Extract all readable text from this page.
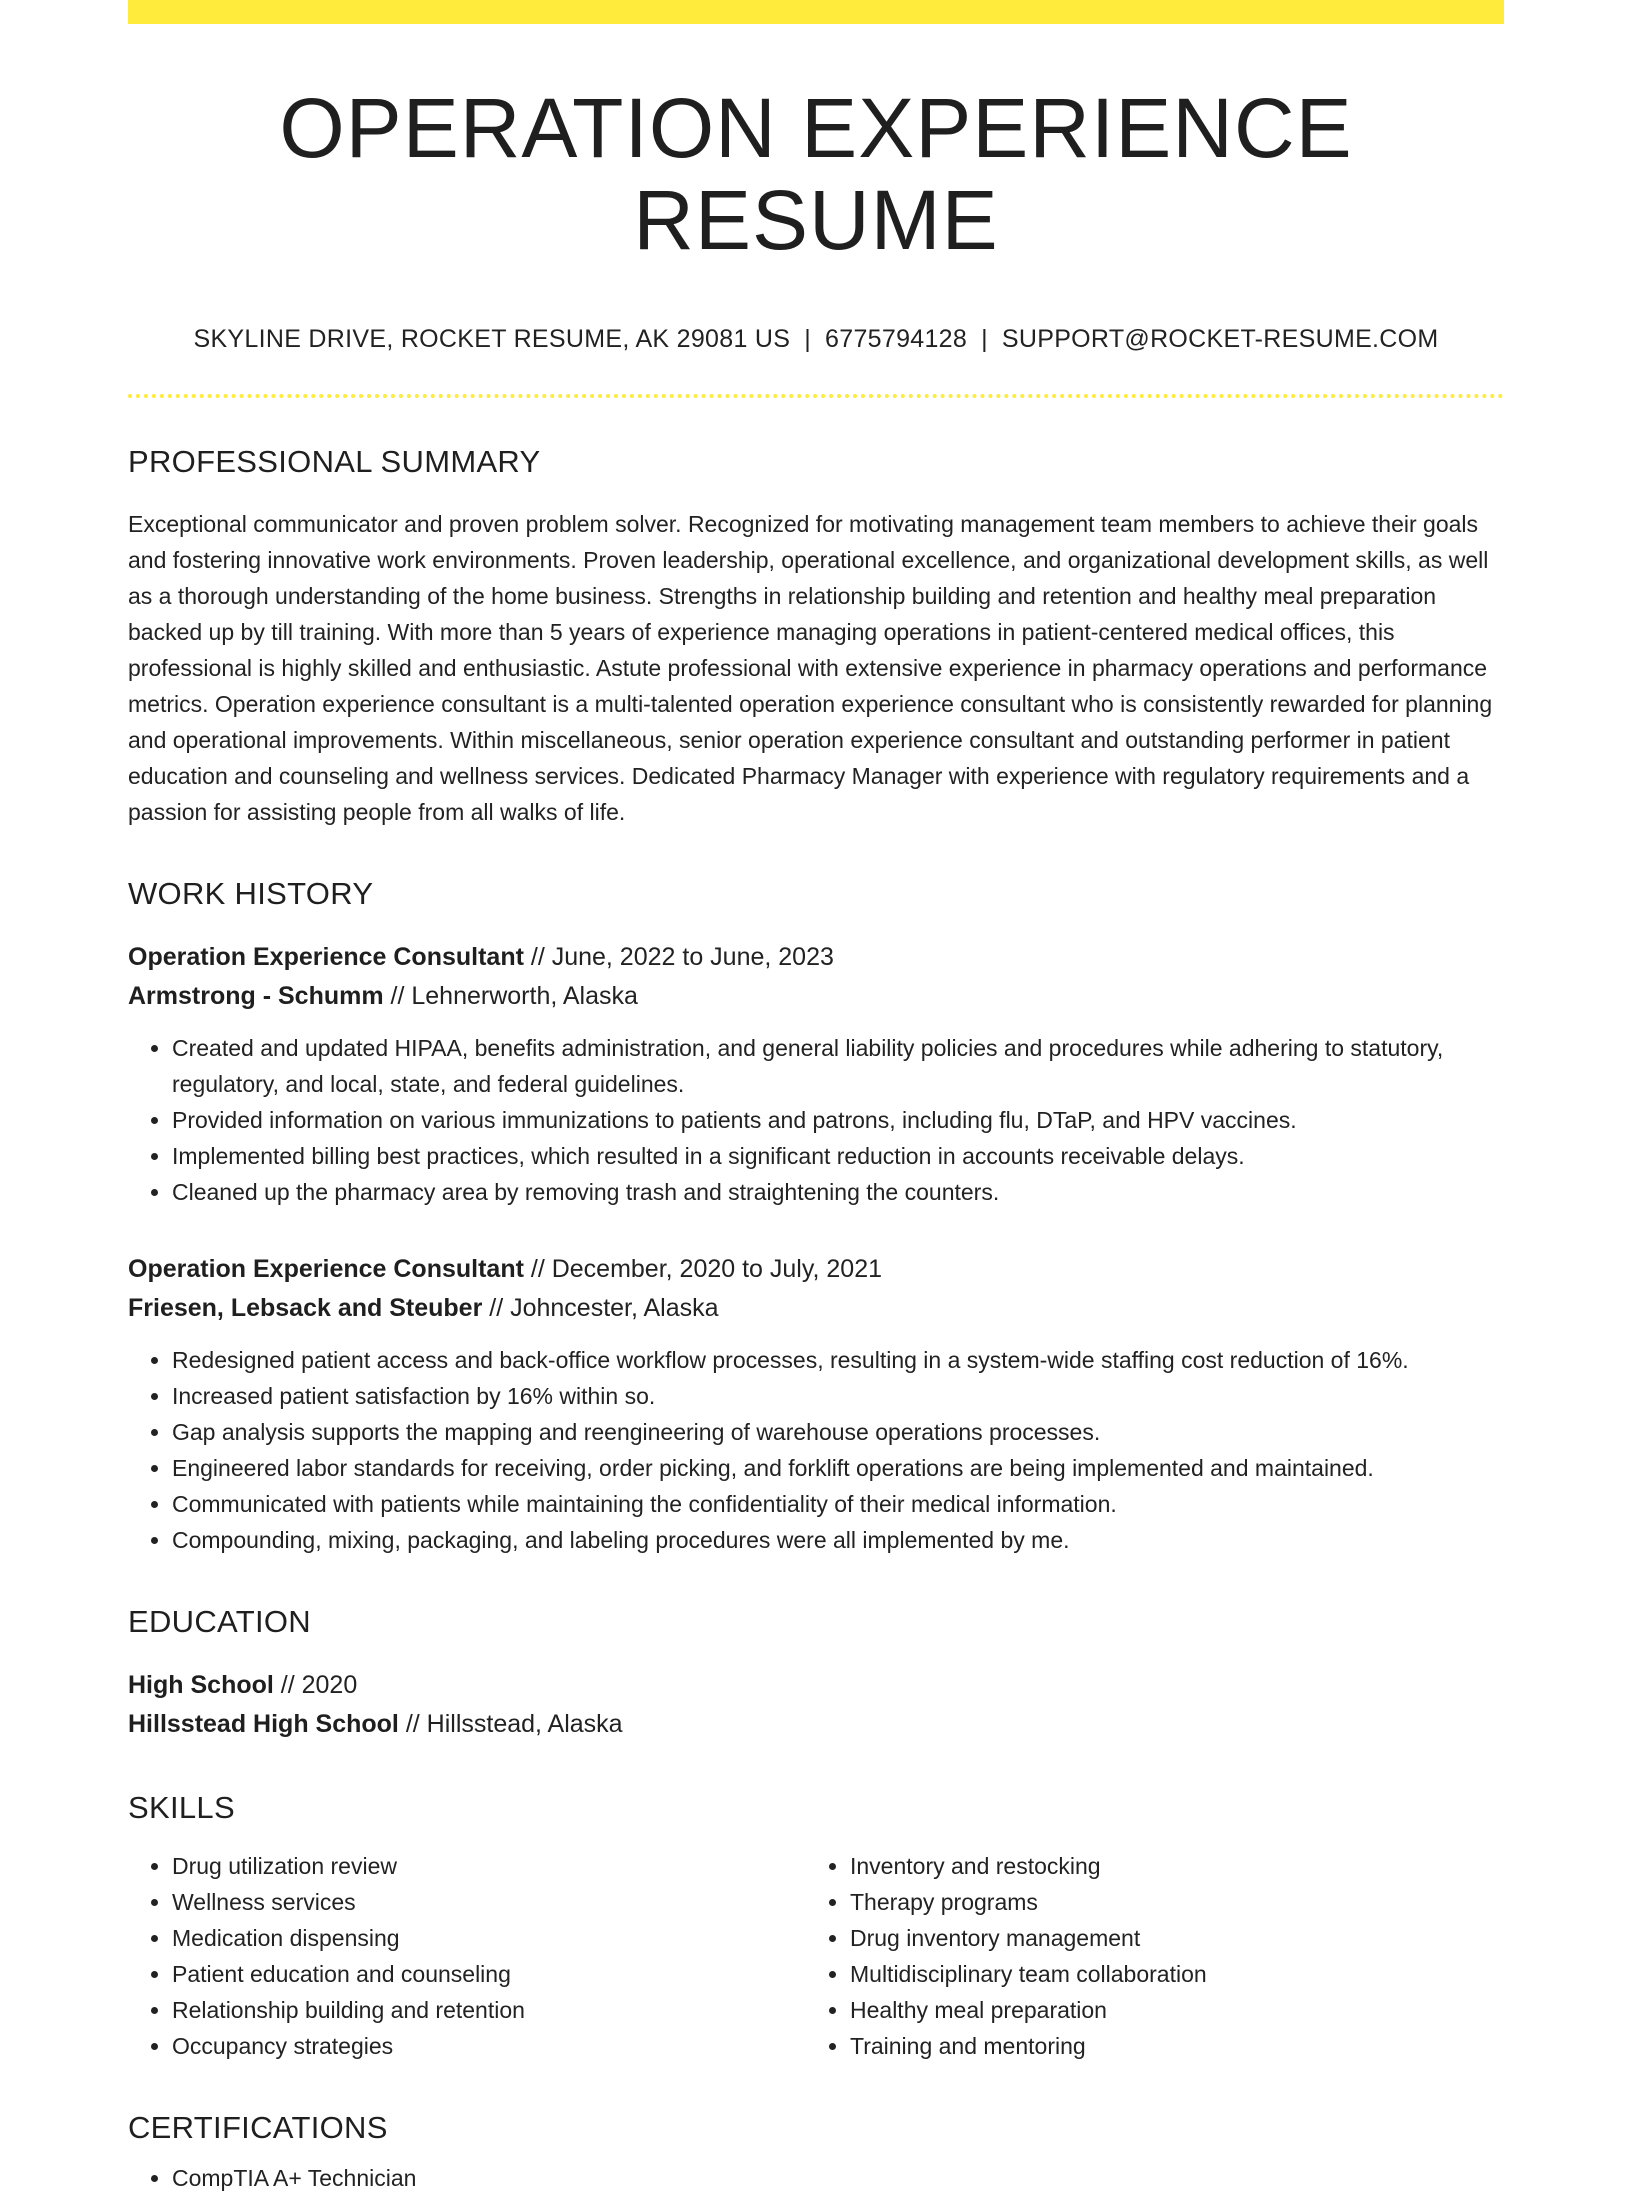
OPERATION EXPERIENCE RESUME
SKYLINE DRIVE, ROCKET RESUME, AK 29081 US | 6775794128 | SUPPORT@ROCKET-RESUME.COM
PROFESSIONAL SUMMARY
Exceptional communicator and proven problem solver. Recognized for motivating management team members to achieve their goals and fostering innovative work environments. Proven leadership, operational excellence, and organizational development skills, as well as a thorough understanding of the home business. Strengths in relationship building and retention and healthy meal preparation backed up by till training. With more than 5 years of experience managing operations in patient-centered medical offices, this professional is highly skilled and enthusiastic. Astute professional with extensive experience in pharmacy operations and performance metrics. Operation experience consultant is a multi-talented operation experience consultant who is consistently rewarded for planning and operational improvements. Within miscellaneous, senior operation experience consultant and outstanding performer in patient education and counseling and wellness services. Dedicated Pharmacy Manager with experience with regulatory requirements and a passion for assisting people from all walks of life.
WORK HISTORY
Operation Experience Consultant // June, 2022 to June, 2023
Armstrong - Schumm // Lehnerworth, Alaska
• Created and updated HIPAA, benefits administration, and general liability policies and procedures while adhering to statutory, regulatory, and local, state, and federal guidelines.
• Provided information on various immunizations to patients and patrons, including flu, DTaP, and HPV vaccines.
• Implemented billing best practices, which resulted in a significant reduction in accounts receivable delays.
• Cleaned up the pharmacy area by removing trash and straightening the counters.
Operation Experience Consultant // December, 2020 to July, 2021
Friesen, Lebsack and Steuber // Johncester, Alaska
• Redesigned patient access and back-office workflow processes, resulting in a system-wide staffing cost reduction of 16%.
• Increased patient satisfaction by 16% within so.
• Gap analysis supports the mapping and reengineering of warehouse operations processes.
• Engineered labor standards for receiving, order picking, and forklift operations are being implemented and maintained.
• Communicated with patients while maintaining the confidentiality of their medical information.
• Compounding, mixing, packaging, and labeling procedures were all implemented by me.
EDUCATION
High School // 2020
Hillsstead High School // Hillsstead, Alaska
SKILLS
• Drug utilization review
• Wellness services
• Medication dispensing
• Patient education and counseling
• Relationship building and retention
• Occupancy strategies
• Inventory and restocking
• Therapy programs
• Drug inventory management
• Multidisciplinary team collaboration
• Healthy meal preparation
• Training and mentoring
CERTIFICATIONS
• CompTIA A+ Technician
